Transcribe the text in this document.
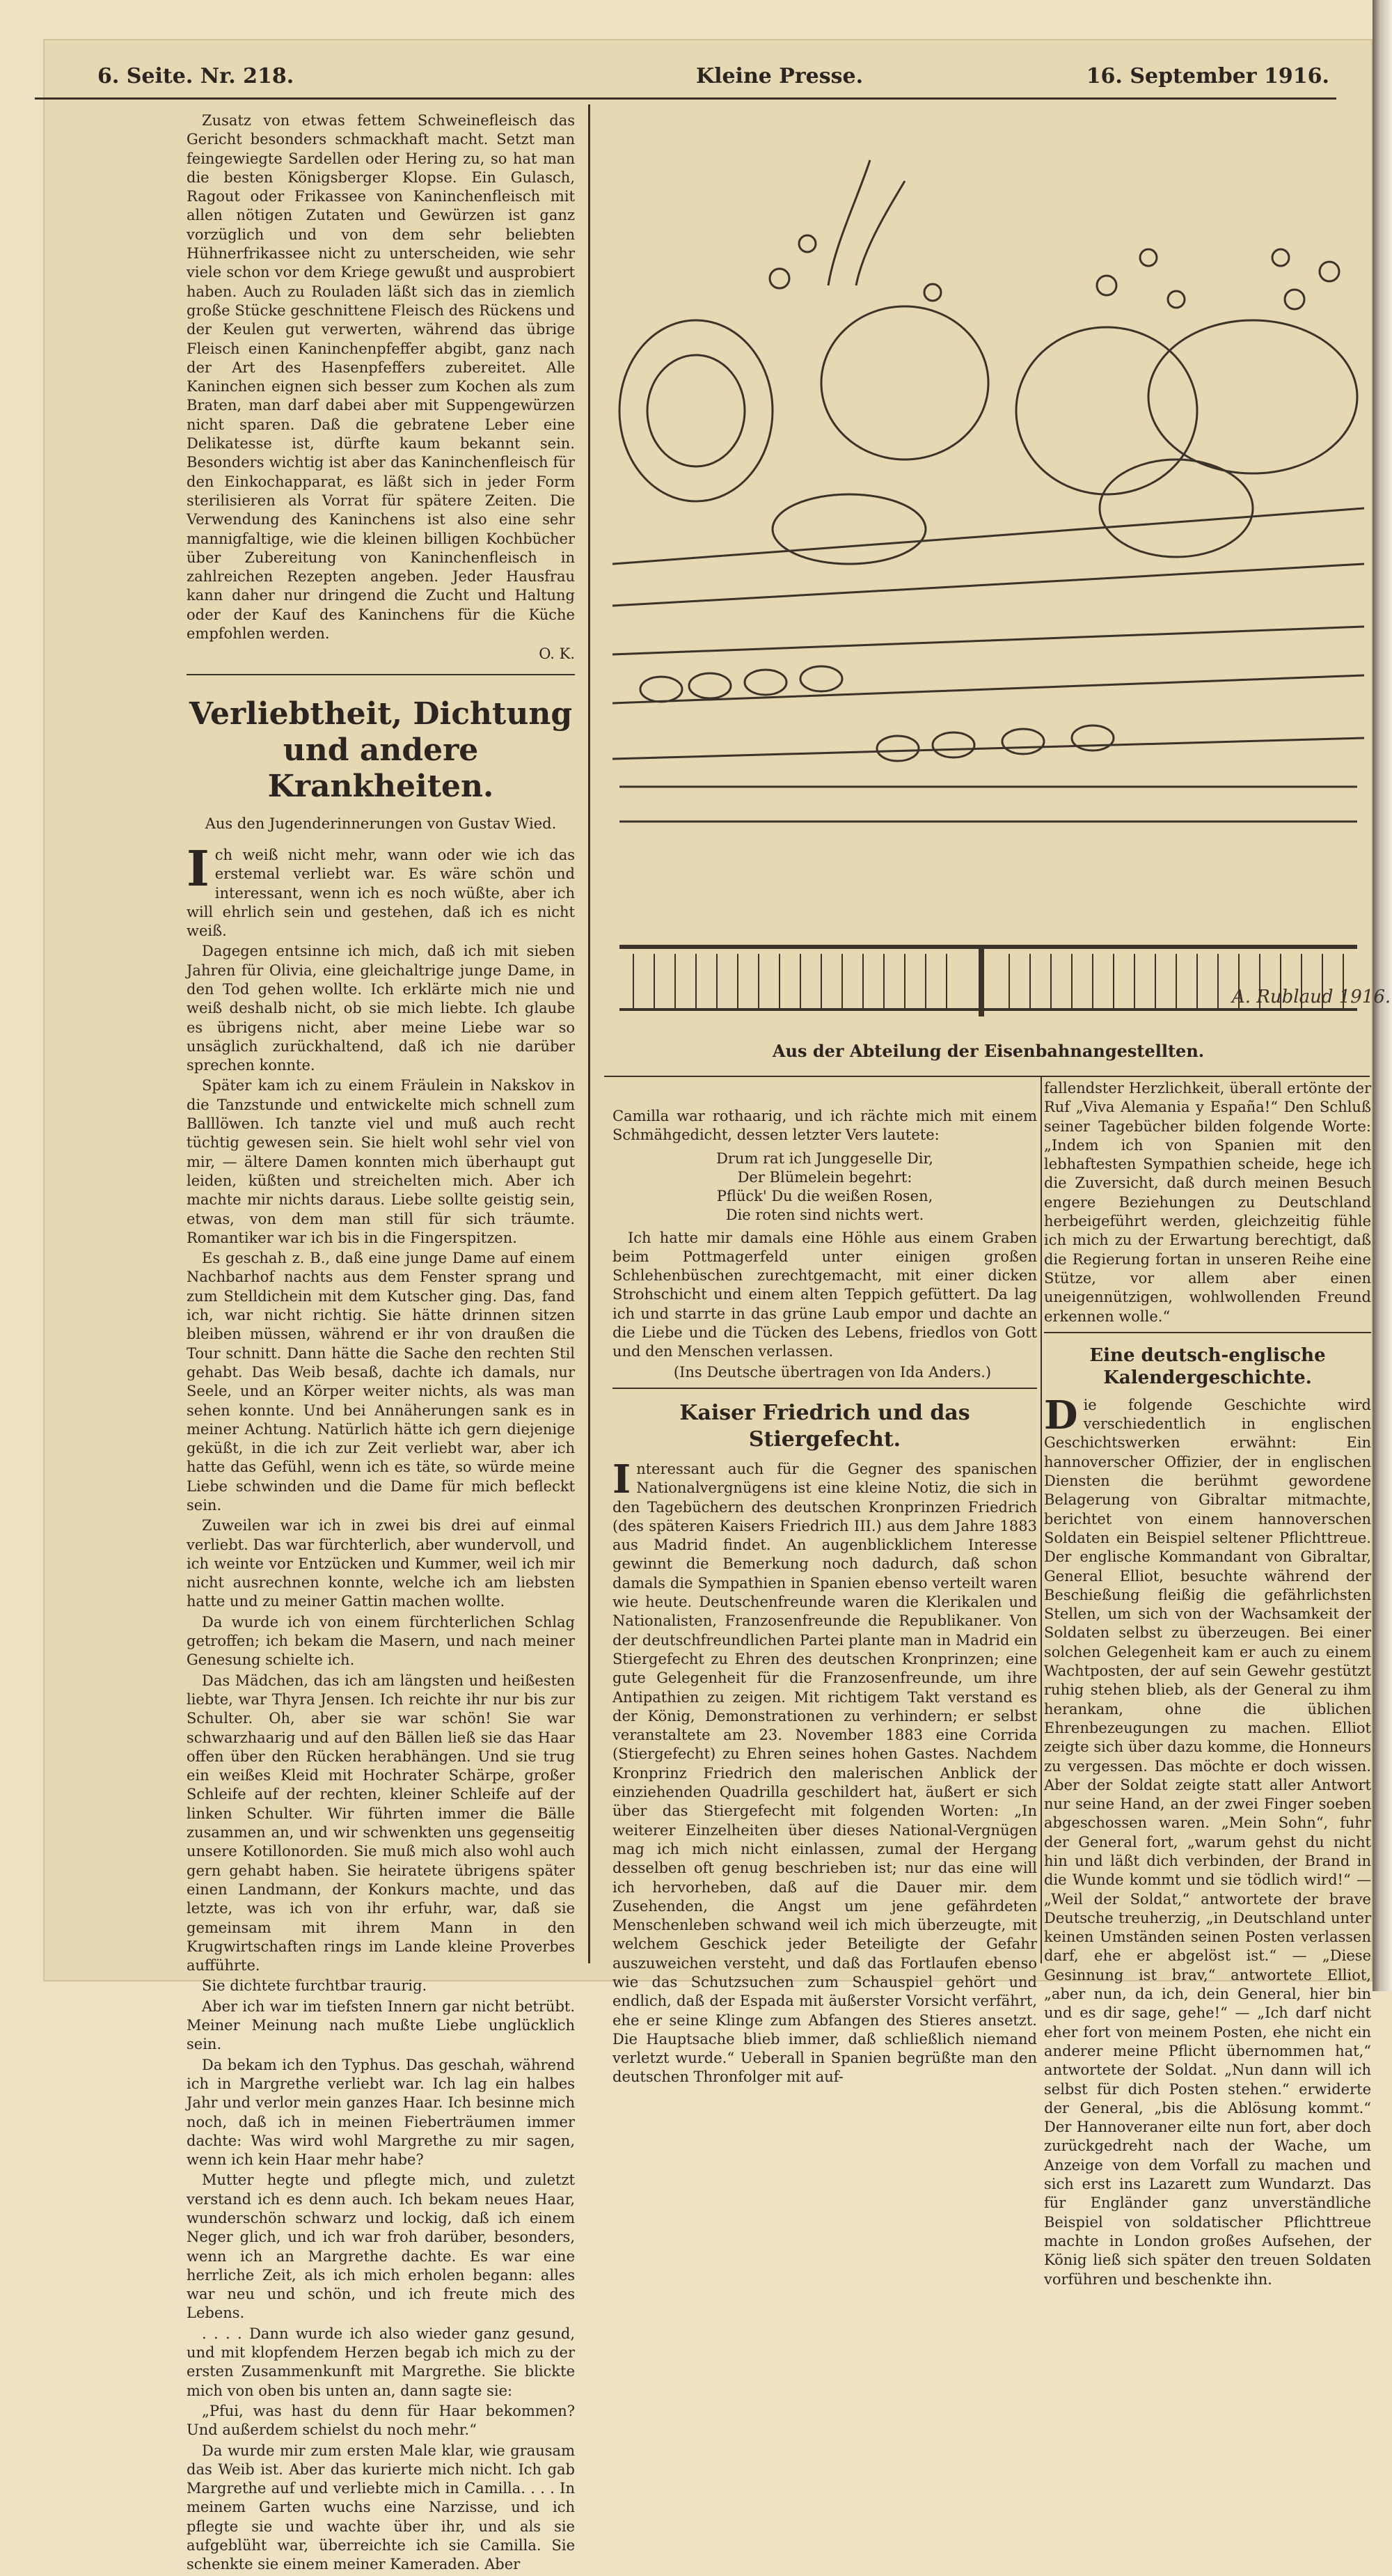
6. Seite. Nr. 218.	Kleine Presse.	16. September 1916.

Zusatz von etwas fettem Schweinefleisch das Gericht besonders schmackhaft macht. Setzt man feingewiegte Sardellen oder Hering zu, so hat man die besten Königsberger Klopse. Ein Gulasch, Ragout oder Frikassee von Kaninchenfleisch mit allen nötigen Zutaten und Gewürzen ist ganz vorzüglich und von dem sehr beliebten Hühnerfrikassee nicht zu unterscheiden, wie sehr viele schon vor dem Kriege gewußt und ausprobiert haben. Auch zu Rouladen läßt sich das in ziemlich große Stücke geschnittene Fleisch des Rückens und der Keulen gut verwerten, während das übrige Fleisch einen Kaninchenpfeffer abgibt, ganz nach der Art des Hasenpfeffers zubereitet. Alle Kaninchen eignen sich besser zum Kochen als zum Braten, man darf dabei aber mit Suppengewürzen nicht sparen. Daß die gebratene Leber eine Delikatesse ist, dürfte kaum bekannt sein. Besonders wichtig ist aber das Kaninchenfleisch für den Einkochapparat, es läßt sich in jeder Form sterilisieren als Vorrat für spätere Zeiten. Die Verwendung des Kaninchens ist also eine sehr mannigfaltige, wie die kleinen billigen Kochbücher über Zubereitung von Kaninchenfleisch in zahlreichen Rezepten angeben. Jeder Hausfrau kann daher nur dringend die Zucht und Haltung oder der Kauf des Kaninchens für die Küche empfohlen werden.

O. K.
Verliebtheit, Dichtung und andere Krankheiten.
Aus den Jugenderinnerungen von Gustav Wied.

Ich weiß nicht mehr, wann oder wie ich das erstemal verliebt war. Es wäre schön und interessant, wenn ich es noch wüßte, aber ich will ehrlich sein und gestehen, daß ich es nicht weiß.

Dagegen entsinne ich mich, daß ich mit sieben Jahren für Olivia, eine gleichaltrige junge Dame, in den Tod gehen wollte. Ich erklärte mich nie und weiß deshalb nicht, ob sie mich liebte. Ich glaube es übrigens nicht, aber meine Liebe war so unsäglich zurückhaltend, daß ich nie darüber sprechen konnte.

Später kam ich zu einem Fräulein in Nakskov in die Tanzstunde und entwickelte mich schnell zum Balllöwen. Ich tanzte viel und muß auch recht tüchtig gewesen sein. Sie hielt wohl sehr viel von mir, — ältere Damen konnten mich überhaupt gut leiden, küßten und streichelten mich. Aber ich machte mir nichts daraus. Liebe sollte geistig sein, etwas, von dem man still für sich träumte. Romantiker war ich bis in die Fingerspitzen.

Es geschah z. B., daß eine junge Dame auf einem Nachbarhof nachts aus dem Fenster sprang und zum Stelldichein mit dem Kutscher ging. Das, fand ich, war nicht richtig. Sie hätte drinnen sitzen bleiben müssen, während er ihr von draußen die Tour schnitt. Dann hätte die Sache den rechten Stil gehabt. Das Weib besaß, dachte ich damals, nur Seele, und an Körper weiter nichts, als was man sehen konnte. Und bei Annäherungen sank es in meiner Achtung. Natürlich hätte ich gern diejenige geküßt, in die ich zur Zeit verliebt war, aber ich hatte das Gefühl, wenn ich es täte, so würde meine Liebe schwinden und die Dame für mich befleckt sein.

Zuweilen war ich in zwei bis drei auf einmal verliebt. Das war fürchterlich, aber wundervoll, und ich weinte vor Entzücken und Kummer, weil ich mir nicht ausrechnen konnte, welche ich am liebsten hatte und zu meiner Gattin machen wollte.

Da wurde ich von einem fürchterlichen Schlag getroffen; ich bekam die Masern, und nach meiner Genesung schielte ich.

Das Mädchen, das ich am längsten und heißesten liebte, war Thyra Jensen. Ich reichte ihr nur bis zur Schulter. Oh, aber sie war schön! Sie war schwarzhaarig und auf den Bällen ließ sie das Haar offen über den Rücken herabhängen. Und sie trug ein weißes Kleid mit Hochrater Schärpe, großer Schleife auf der rechten, kleiner Schleife auf der linken Schulter. Wir führten immer die Bälle zusammen an, und wir schwenkten uns gegenseitig unsere Kotillonorden. Sie muß mich also wohl auch gern gehabt haben. Sie heiratete übrigens später einen Landmann, der Konkurs machte, und das letzte, was ich von ihr erfuhr, war, daß sie gemeinsam mit ihrem Mann in den Krugwirtschaften rings im Lande kleine Proverbes aufführte.

Sie dichtete furchtbar traurig.

Aber ich war im tiefsten Innern gar nicht betrübt. Meiner Meinung nach mußte Liebe unglücklich sein.

Da bekam ich den Typhus. Das geschah, während ich in Margrethe verliebt war. Ich lag ein halbes Jahr und verlor mein ganzes Haar. Ich besinne mich noch, daß ich in meinen Fieberträumen immer dachte: Was wird wohl Margrethe zu mir sagen, wenn ich kein Haar mehr habe?

Mutter hegte und pflegte mich, und zuletzt verstand ich es denn auch. Ich bekam neues Haar, wunderschön schwarz und lockig, daß ich einem Neger glich, und ich war froh darüber, besonders, wenn ich an Margrethe dachte. Es war eine herrliche Zeit, als ich mich erholen begann: alles war neu und schön, und ich freute mich des Lebens.

. . . . Dann wurde ich also wieder ganz gesund, und mit klopfendem Herzen begab ich mich zu der ersten Zusammenkunft mit Margrethe. Sie blickte mich von oben bis unten an, dann sagte sie:

„Pfui, was hast du denn für Haar bekommen? Und außerdem schielst du noch mehr.“

Da wurde mir zum ersten Male klar, wie grausam das Weib ist. Aber das kurierte mich nicht. Ich gab Margrethe auf und verliebte mich in Camilla. . . . In meinem Garten wuchs eine Narzisse, und ich pflegte sie und wachte über ihr, und als sie aufgeblüht war, überreichte ich sie Camilla. Sie schenkte sie einem meiner Kameraden. Aber

A. Rublaud 1916.
Aus der Abteilung der Eisenbahnangestellten.

Camilla war rothaarig, und ich rächte mich mit einem Schmähgedicht, dessen letzter Vers lautete:

Drum rat ich Junggeselle Dir,
Der Blümelein begehrt:
Pflück' Du die weißen Rosen,
Die roten sind nichts wert.

Ich hatte mir damals eine Höhle aus einem Graben beim Pottmagerfeld unter einigen großen Schlehenbüschen zurechtgemacht, mit einer dicken Strohschicht und einem alten Teppich gefüttert. Da lag ich und starrte in das grüne Laub empor und dachte an die Liebe und die Tücken des Lebens, friedlos von Gott und den Menschen verlassen.

(Ins Deutsche übertragen von Ida Anders.)

Kaiser Friedrich und das Stiergefecht.

Interessant auch für die Gegner des spanischen Nationalvergnügens ist eine kleine Notiz, die sich in den Tagebüchern des deutschen Kronprinzen Friedrich (des späteren Kaisers Friedrich III.) aus dem Jahre 1883 aus Madrid findet. An augenblicklichem Interesse gewinnt die Bemerkung noch dadurch, daß schon damals die Sympathien in Spanien ebenso verteilt waren wie heute. Deutschenfreunde waren die Klerikalen und Nationalisten, Franzosenfreunde die Republikaner. Von der deutschfreundlichen Partei plante man in Madrid ein Stiergefecht zu Ehren des deutschen Kronprinzen; eine gute Gelegenheit für die Franzosenfreunde, um ihre Antipathien zu zeigen. Mit richtigem Takt verstand es der König, Demonstrationen zu verhindern; er selbst veranstaltete am 23. November 1883 eine Corrida (Stiergefecht) zu Ehren seines hohen Gastes. Nachdem Kronprinz Friedrich den malerischen Anblick der einziehenden Quadrilla geschildert hat, äußert er sich über das Stiergefecht mit folgenden Worten: „In weiterer Einzelheiten über dieses National-Vergnügen mag ich mich nicht einlassen, zumal der Hergang desselben oft genug beschrieben ist; nur das eine will ich hervorheben, daß auf die Dauer mir. dem Zusehenden, die Angst um jene gefährdeten Menschenleben schwand weil ich mich überzeugte, mit welchem Geschick jeder Beteiligte der Gefahr auszuweichen versteht, und daß das Fortlaufen ebenso wie das Schutzsuchen zum Schauspiel gehört und endlich, daß der Espada mit äußerster Vorsicht verfährt, ehe er seine Klinge zum Abfangen des Stieres ansetzt. Die Hauptsache blieb immer, daß schließlich niemand verletzt wurde.“ Ueberall in Spanien begrüßte man den deutschen Thronfolger mit auf-

fallendster Herzlichkeit, überall ertönte der Ruf „Viva Alemania y España!“ Den Schluß seiner Tagebücher bilden folgende Worte: „Indem ich von Spanien mit den lebhaftesten Sympathien scheide, hege ich die Zuversicht, daß durch meinen Besuch engere Beziehungen zu Deutschland herbeigeführt werden, gleichzeitig fühle ich mich zu der Erwartung berechtigt, daß die Regierung fortan in unseren Reihe eine Stütze, vor allem aber einen uneigennützigen, wohlwollenden Freund erkennen wolle.“

Eine deutsch-englische Kalendergeschichte.

Die folgende Geschichte wird verschiedentlich in englischen Geschichtswerken erwähnt: Ein hannoverscher Offizier, der in englischen Diensten die berühmt gewordene Belagerung von Gibraltar mitmachte, berichtet von einem hannoverschen Soldaten ein Beispiel seltener Pflichttreue. Der englische Kommandant von Gibraltar, General Elliot, besuchte während der Beschießung fleißig die gefährlichsten Stellen, um sich von der Wachsamkeit der Soldaten selbst zu überzeugen. Bei einer solchen Gelegenheit kam er auch zu einem Wachtposten, der auf sein Gewehr gestützt ruhig stehen blieb, als der General zu ihm herankam, ohne die üblichen Ehrenbezeugungen zu machen. Elliot zeigte sich über dazu komme, die Honneurs zu vergessen. Das möchte er doch wissen. Aber der Soldat zeigte statt aller Antwort nur seine Hand, an der zwei Finger soeben abgeschossen waren. „Mein Sohn“, fuhr der General fort, „warum gehst du nicht hin und läßt dich verbinden, der Brand in die Wunde kommt und sie tödlich wird!“ — „Weil der Soldat,“ antwortete der brave Deutsche treuherzig, „in Deutschland unter keinen Umständen seinen Posten verlassen darf, ehe er abgelöst ist.“ — „Diese Gesinnung ist brav,“ antwortete Elliot, „aber nun, da ich, dein General, hier bin und es dir sage, gehe!“ — „Ich darf nicht eher fort von meinem Posten, ehe nicht ein anderer meine Pflicht übernommen hat,“ antwortete der Soldat. „Nun dann will ich selbst für dich Posten stehen.“ erwiderte der General, „bis die Ablösung kommt.“ Der Hannoveraner eilte nun fort, aber doch zurückgedreht nach der Wache, um Anzeige von dem Vorfall zu machen und sich erst ins Lazarett zum Wundarzt. Das für Engländer ganz unverständliche Beispiel von soldatischer Pflichttreue machte in London großes Aufsehen, der König ließ sich später den treuen Soldaten vorführen und beschenkte ihn.
